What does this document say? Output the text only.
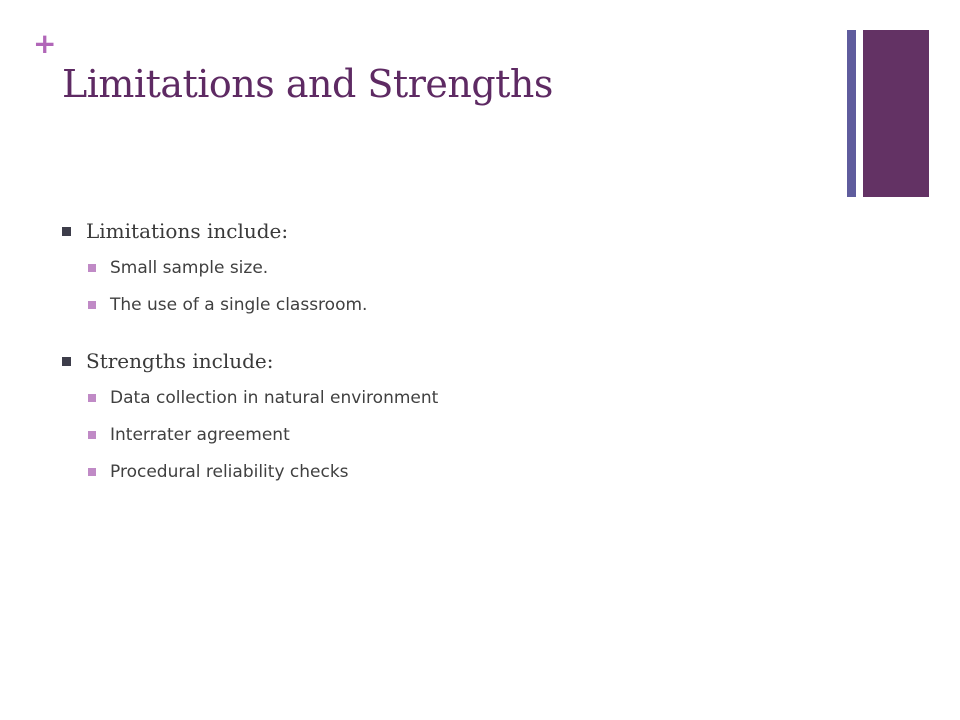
+
Limitations and Strengths
Limitations include:
Small sample size.
The use of a single classroom.
Strengths include:
Data collection in natural environment
Interrater agreement
Procedural reliability checks
